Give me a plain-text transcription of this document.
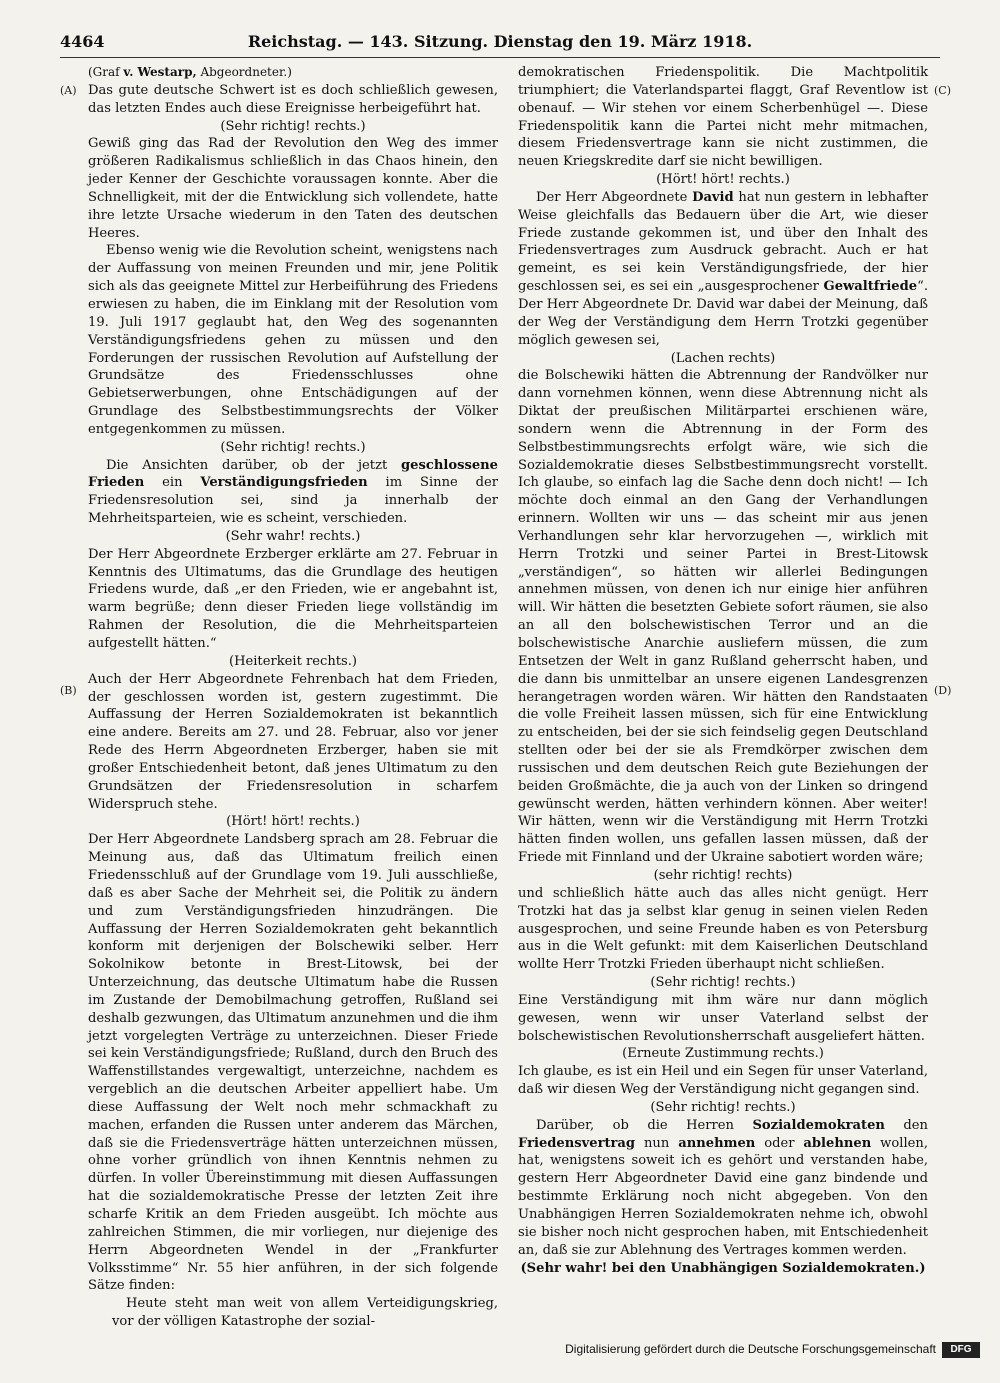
4464	Reichstag. — 143. Sitzung. Dienstag den 19. März 1918.
(A)
(B)
(C)
(D)

(Graf v. Westarp, Abgeordneter.)

Das gute deutsche Schwert ist es doch schließlich gewesen, das letzten Endes auch diese Ereignisse herbeigeführt hat.

(Sehr richtig! rechts.)

Gewiß ging das Rad der Revolution den Weg des immer größeren Radikalismus schließlich in das Chaos hinein, den jeder Kenner der Geschichte voraussagen konnte. Aber die Schnelligkeit, mit der die Entwicklung sich vollendete, hatte ihre letzte Ursache wiederum in den Taten des deutschen Heeres.

Ebenso wenig wie die Revolution scheint, wenigstens nach der Auffassung von meinen Freunden und mir, jene Politik sich als das geeignete Mittel zur Herbeiführung des Friedens erwiesen zu haben, die im Einklang mit der Resolution vom 19. Juli 1917 geglaubt hat, den Weg des sogenannten Verständigungsfriedens gehen zu müssen und den Forderungen der russischen Revolution auf Aufstellung der Grundsätze des Friedensschlusses ohne Gebietserwerbungen, ohne Entschädigungen auf der Grundlage des Selbstbestimmungsrechts der Völker entgegenkommen zu müssen.

(Sehr richtig! rechts.)

Die Ansichten darüber, ob der jetzt geschlossene Frieden ein Verständigungsfrieden im Sinne der Friedensresolution sei, sind ja innerhalb der Mehrheitsparteien, wie es scheint, verschieden.

(Sehr wahr! rechts.)

Der Herr Abgeordnete Erzberger erklärte am 27. Februar in Kenntnis des Ultimatums, das die Grundlage des heutigen Friedens wurde, daß „er den Frieden, wie er angebahnt ist, warm begrüße; denn dieser Frieden liege vollständig im Rahmen der Resolution, die die Mehrheitsparteien aufgestellt hätten.“

(Heiterkeit rechts.)

Auch der Herr Abgeordnete Fehrenbach hat dem Frieden, der geschlossen worden ist, gestern zugestimmt. Die Auffassung der Herren Sozialdemokraten ist bekanntlich eine andere. Bereits am 27. und 28. Februar, also vor jener Rede des Herrn Abgeordneten Erzberger, haben sie mit großer Entschiedenheit betont, daß jenes Ultimatum zu den Grundsätzen der Friedensresolution in scharfem Widerspruch stehe.

(Hört! hört! rechts.)

Der Herr Abgeordnete Landsberg sprach am 28. Februar die Meinung aus, daß das Ultimatum freilich einen Friedensschluß auf der Grundlage vom 19. Juli ausschließe, daß es aber Sache der Mehrheit sei, die Politik zu ändern und zum Verständigungsfrieden hinzudrängen. Die Auffassung der Herren Sozialdemokraten geht bekanntlich konform mit derjenigen der Bolschewiki selber. Herr Sokolnikow betonte in Brest-Litowsk, bei der Unterzeichnung, das deutsche Ultimatum habe die Russen im Zustande der Demobilmachung getroffen, Rußland sei deshalb gezwungen, das Ultimatum anzunehmen und die ihm jetzt vorgelegten Verträge zu unterzeichnen. Dieser Friede sei kein Verständigungsfriede; Rußland, durch den Bruch des Waffenstillstandes vergewaltigt, unterzeichne, nachdem es vergeblich an die deutschen Arbeiter appelliert habe. Um diese Auffassung der Welt noch mehr schmackhaft zu machen, erfanden die Russen unter anderem das Märchen, daß sie die Friedensverträge hätten unterzeichnen müssen, ohne vorher gründlich von ihnen Kenntnis nehmen zu dürfen. In voller Übereinstimmung mit diesen Auffassungen hat die sozialdemokratische Presse der letzten Zeit ihre scharfe Kritik an dem Frieden ausgeübt. Ich möchte aus zahlreichen Stimmen, die mir vorliegen, nur diejenige des Herrn Abgeordneten Wendel in der „Frankfurter Volksstimme“ Nr. 55 hier anführen, in der sich folgende Sätze finden:

Heute steht man weit von allem Verteidigungskrieg, vor der völligen Katastrophe der sozial-

demokratischen Friedenspolitik. Die Machtpolitik triumphiert; die Vaterlandspartei flaggt, Graf Reventlow ist obenauf. — Wir stehen vor einem Scherbenhügel —. Diese Friedenspolitik kann die Partei nicht mehr mitmachen, diesem Friedensvertrage kann sie nicht zustimmen, die neuen Kriegskredite darf sie nicht bewilligen.

(Hört! hört! rechts.)

Der Herr Abgeordnete David hat nun gestern in lebhafter Weise gleichfalls das Bedauern über die Art, wie dieser Friede zustande gekommen ist, und über den Inhalt des Friedensvertrages zum Ausdruck gebracht. Auch er hat gemeint, es sei kein Verständigungsfriede, der hier geschlossen sei, es sei ein „ausgesprochener Gewaltfriede“. Der Herr Abgeordnete Dr. David war dabei der Meinung, daß der Weg der Verständigung dem Herrn Trotzki gegenüber möglich gewesen sei,

(Lachen rechts)

die Bolschewiki hätten die Abtrennung der Randvölker nur dann vornehmen können, wenn diese Abtrennung nicht als Diktat der preußischen Militärpartei erschienen wäre, sondern wenn die Abtrennung in der Form des Selbstbestimmungsrechts erfolgt wäre, wie sich die Sozialdemokratie dieses Selbstbestimmungsrecht vorstellt. Ich glaube, so einfach lag die Sache denn doch nicht! — Ich möchte doch einmal an den Gang der Verhandlungen erinnern. Wollten wir uns — das scheint mir aus jenen Verhandlungen sehr klar hervorzugehen —, wirklich mit Herrn Trotzki und seiner Partei in Brest-Litowsk „verständigen“, so hätten wir allerlei Bedingungen annehmen müssen, von denen ich nur einige hier anführen will. Wir hätten die besetzten Gebiete sofort räumen, sie also an all den bolschewistischen Terror und an die bolschewistische Anarchie ausliefern müssen, die zum Entsetzen der Welt in ganz Rußland geherrscht haben, und die dann bis unmittelbar an unsere eigenen Landesgrenzen herangetragen worden wären. Wir hätten den Randstaaten die volle Freiheit lassen müssen, sich für eine Entwicklung zu entscheiden, bei der sie sich feindselig gegen Deutschland stellten oder bei der sie als Fremdkörper zwischen dem russischen und dem deutschen Reich gute Beziehungen der beiden Großmächte, die ja auch von der Linken so dringend gewünscht werden, hätten verhindern können. Aber weiter! Wir hätten, wenn wir die Verständigung mit Herrn Trotzki hätten finden wollen, uns gefallen lassen müssen, daß der Friede mit Finnland und der Ukraine sabotiert worden wäre;

(sehr richtig! rechts)

und schließlich hätte auch das alles nicht genügt. Herr Trotzki hat das ja selbst klar genug in seinen vielen Reden ausgesprochen, und seine Freunde haben es von Petersburg aus in die Welt gefunkt: mit dem Kaiserlichen Deutschland wollte Herr Trotzki Frieden überhaupt nicht schließen.

(Sehr richtig! rechts.)

Eine Verständigung mit ihm wäre nur dann möglich gewesen, wenn wir unser Vaterland selbst der bolschewistischen Revolutionsherrschaft ausgeliefert hätten.

(Erneute Zustimmung rechts.)

Ich glaube, es ist ein Heil und ein Segen für unser Vaterland, daß wir diesen Weg der Verständigung nicht gegangen sind.

(Sehr richtig! rechts.)

Darüber, ob die Herren Sozialdemokraten den Friedensvertrag nun annehmen oder ablehnen wollen, hat, wenigstens soweit ich es gehört und verstanden habe, gestern Herr Abgeordneter David eine ganz bindende und bestimmte Erklärung noch nicht abgegeben. Von den Unabhängigen Herren Sozialdemokraten nehme ich, obwohl sie bisher noch nicht gesprochen haben, mit Entschiedenheit an, daß sie zur Ablehnung des Vertrages kommen werden.

(Sehr wahr! bei den Unabhängigen Sozialdemokraten.)

Digitalisierung gefördert durch die Deutsche Forschungsgemeinschaft	DFG
